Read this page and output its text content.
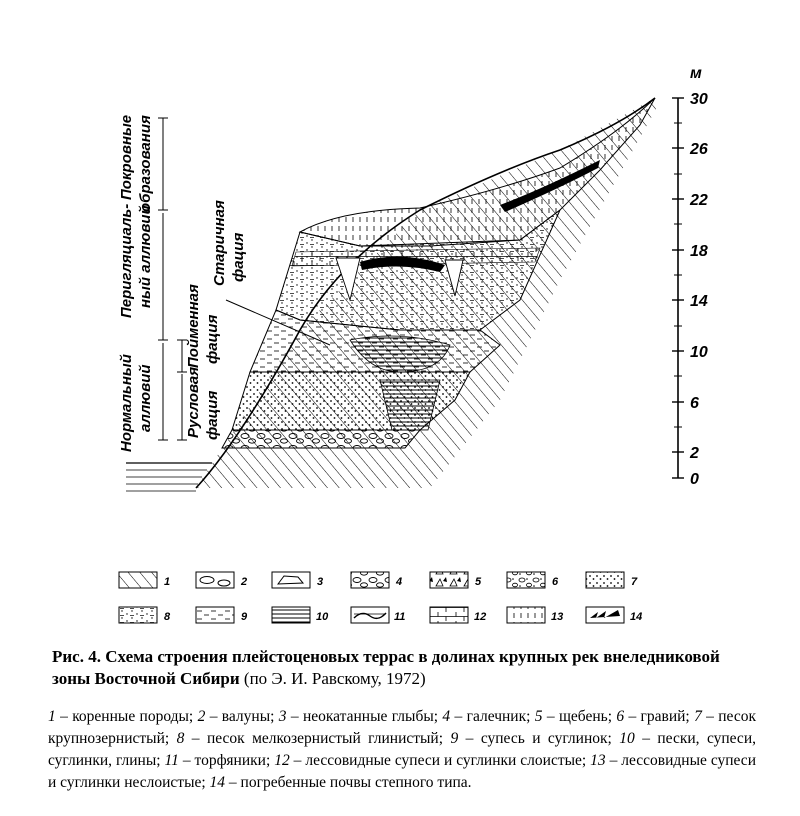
м
30
26
22
18
14
10
6
2
0
Покровные образования
Перигляциаль- ный аллювий
Нормальный аллювий Русловая фация
Пойменная фация
Старичная фация
1	2	3	4	5	6	7
8	9	10	11	12	13	14
Рис. 4. Схема строения плейстоценовых террас в долинах крупных рек внеледниковой зоны Восточной Сибири (по Э. И. Равскому, 1972)
1 – коренные породы; 2 – валуны; 3 – неокатанные глыбы; 4 – галечник; 5 – щебень; 6 – гравий; 7 – песок крупнозернистый; 8 – песок мелкозернистый глинистый; 9 – супесь и суглинок; 10 – пески, супеси, суглинки, глины; 11 – торфяники; 12 – лессовидные супеси и суглинки слоистые; 13 – лессовидные супеси и суглинки неслоистые; 14 – погребенные почвы степного типа.
